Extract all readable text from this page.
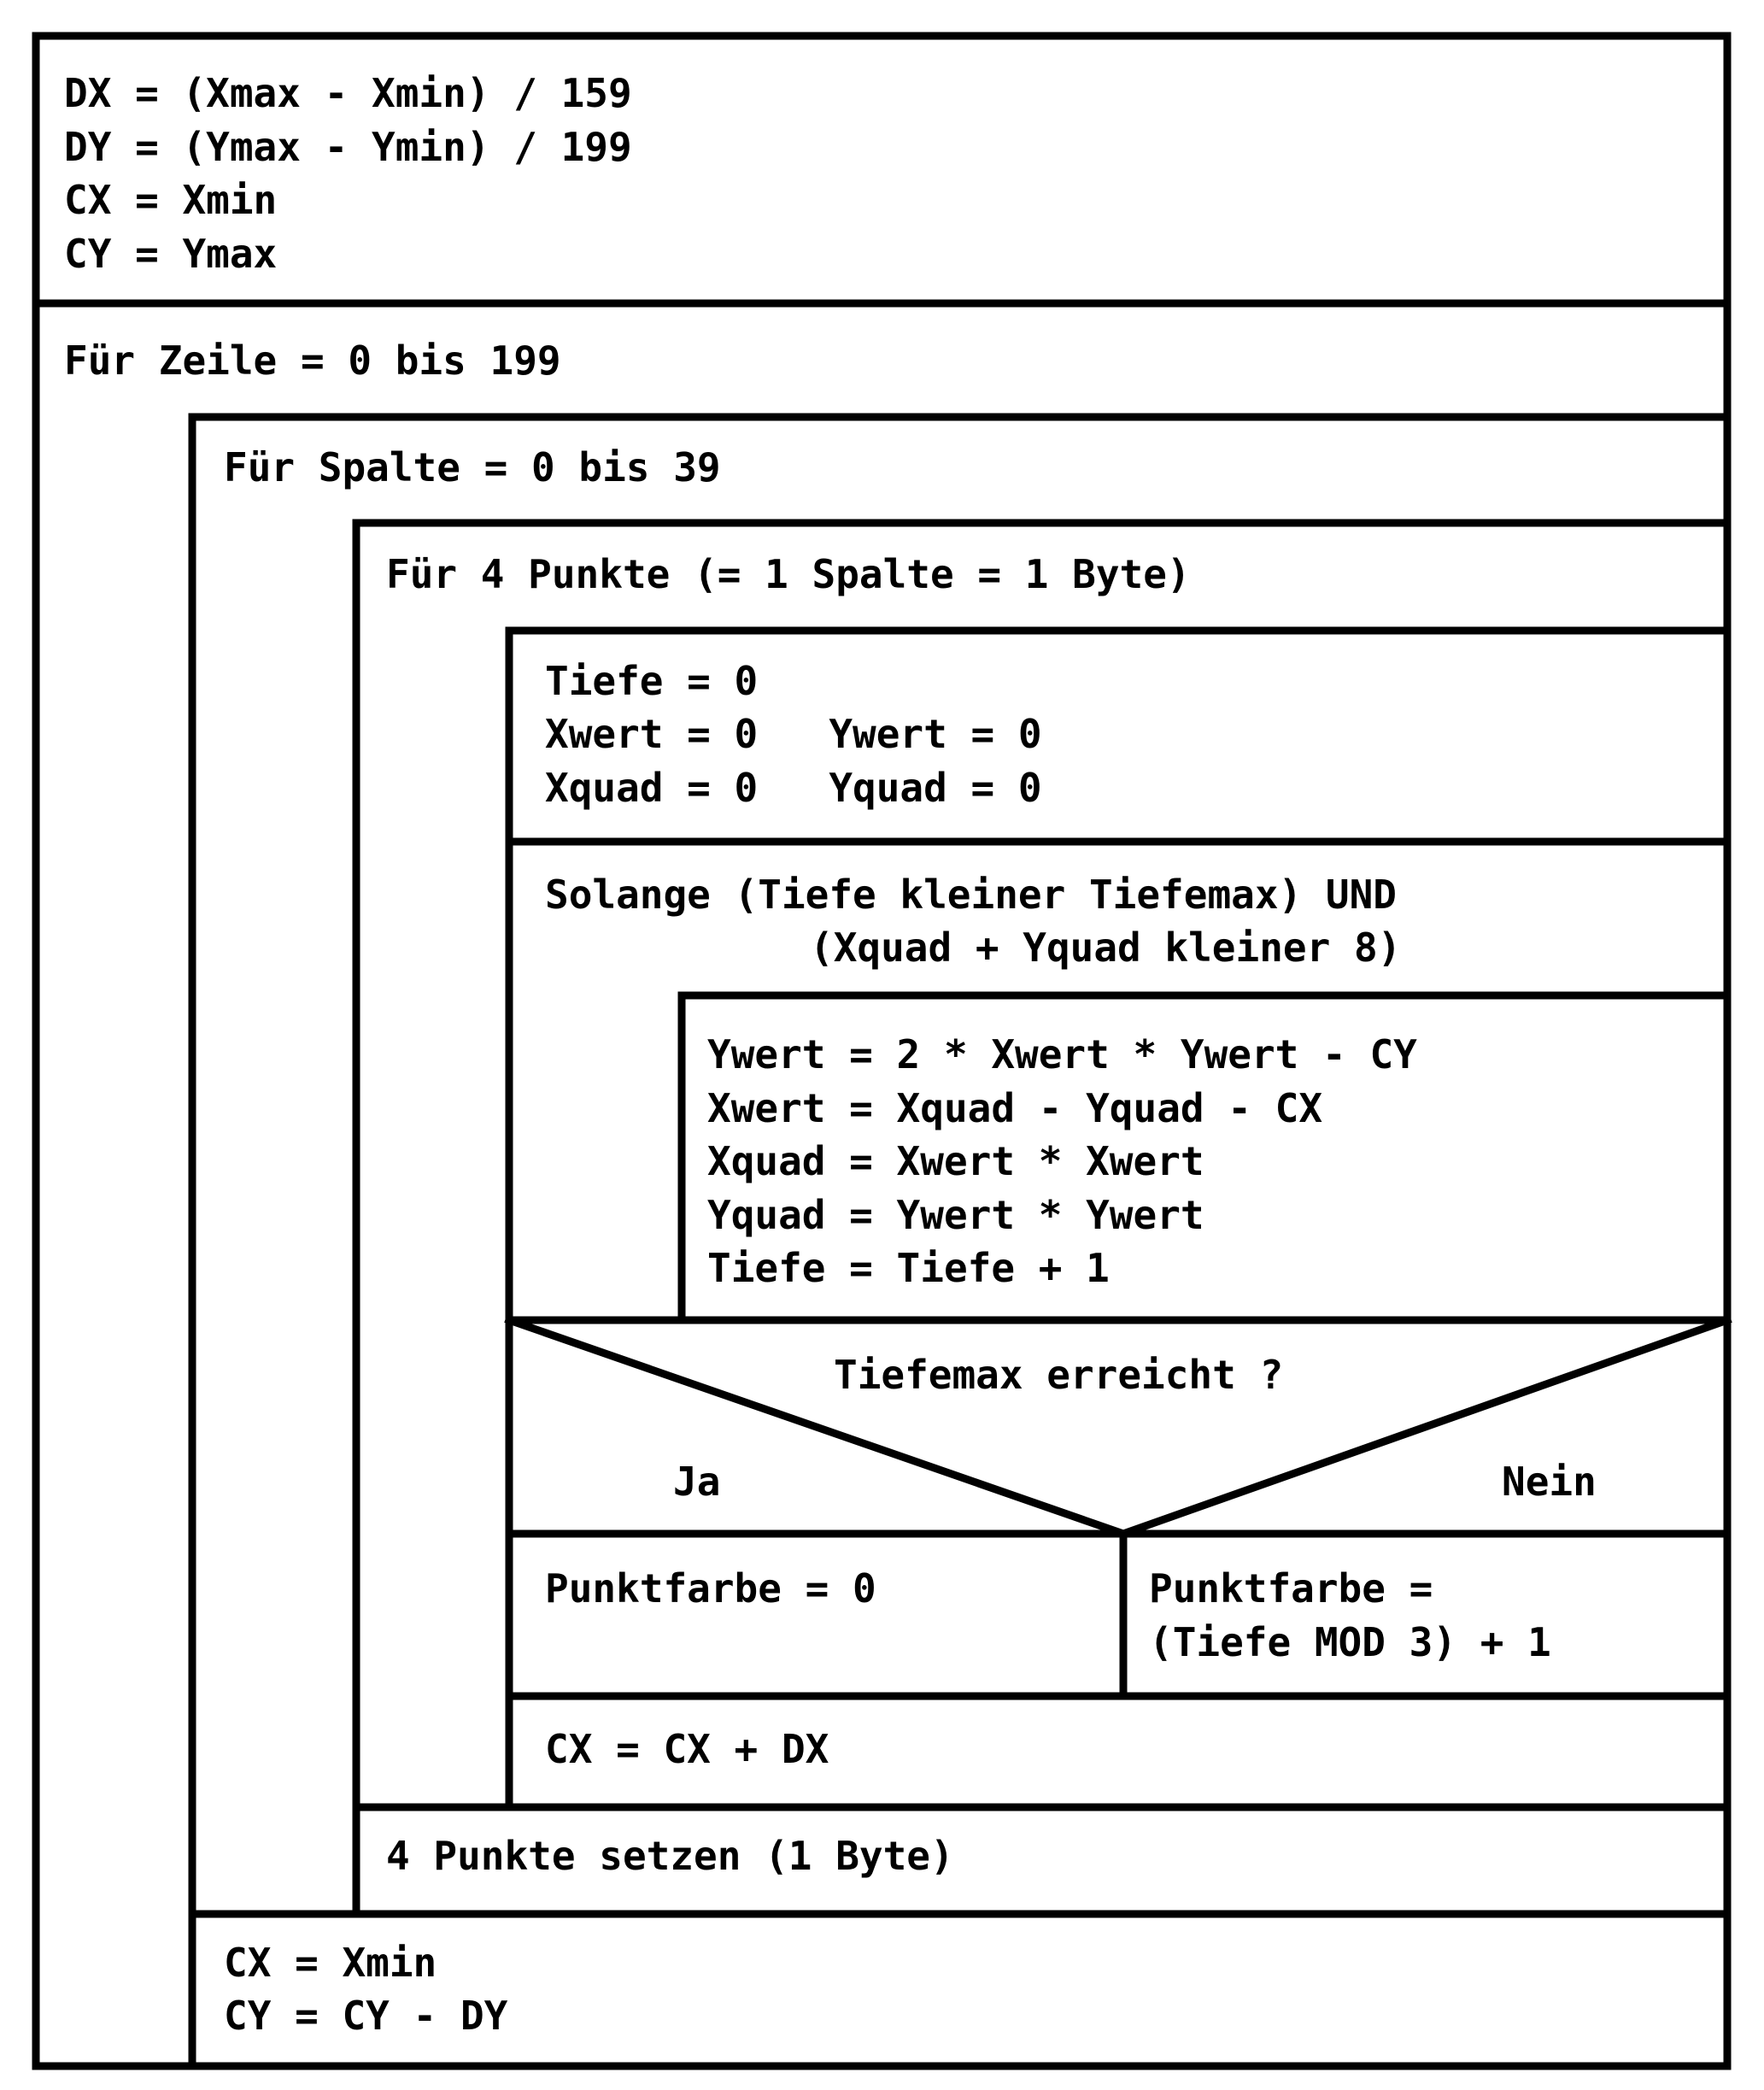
DX = (Xmax - Xmin) / 159
DY = (Ymax - Ymin) / 199
CX = Xmin
CY = Ymax
Für Zeile = 0 bis 199
Für Spalte = 0 bis 39
Für 4 Punkte (= 1 Spalte = 1 Byte)
Tiefe = 0
Xwert = 0   Ywert = 0
Xquad = 0   Yquad = 0
Solange (Tiefe kleiner Tiefemax) UND
(Xquad + Yquad kleiner 8)
Ywert = 2 * Xwert * Ywert - CY
Xwert = Xquad - Yquad - CX
Xquad = Xwert * Xwert
Yquad = Ywert * Ywert
Tiefe = Tiefe + 1
Tiefemax erreicht ?
Ja	Nein
Punktfarbe = 0	Punktfarbe =
(Tiefe MOD 3) + 1
CX = CX + DX
4 Punkte setzen (1 Byte)
CX = Xmin
CY = CY - DY
